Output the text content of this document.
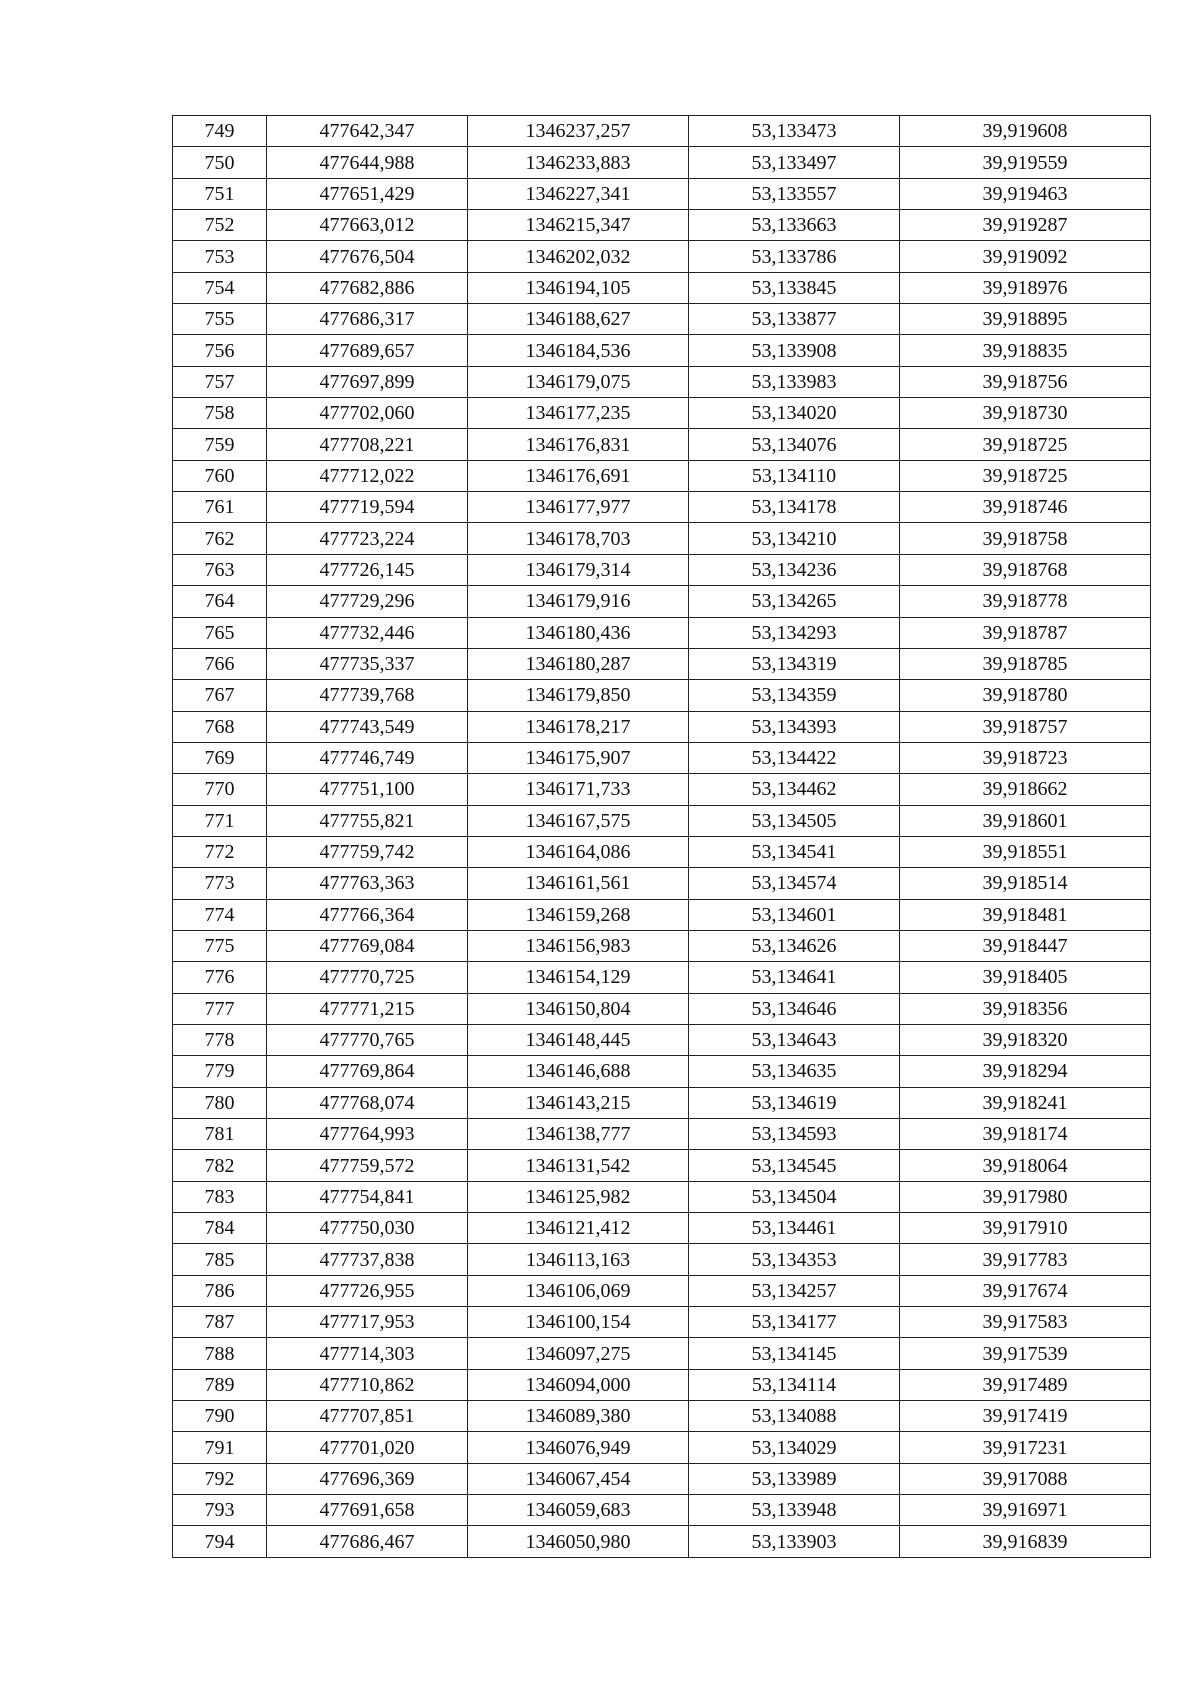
749	477642,347	1346237,257	53,133473	39,919608
750	477644,988	1346233,883	53,133497	39,919559
751	477651,429	1346227,341	53,133557	39,919463
752	477663,012	1346215,347	53,133663	39,919287
753	477676,504	1346202,032	53,133786	39,919092
754	477682,886	1346194,105	53,133845	39,918976
755	477686,317	1346188,627	53,133877	39,918895
756	477689,657	1346184,536	53,133908	39,918835
757	477697,899	1346179,075	53,133983	39,918756
758	477702,060	1346177,235	53,134020	39,918730
759	477708,221	1346176,831	53,134076	39,918725
760	477712,022	1346176,691	53,134110	39,918725
761	477719,594	1346177,977	53,134178	39,918746
762	477723,224	1346178,703	53,134210	39,918758
763	477726,145	1346179,314	53,134236	39,918768
764	477729,296	1346179,916	53,134265	39,918778
765	477732,446	1346180,436	53,134293	39,918787
766	477735,337	1346180,287	53,134319	39,918785
767	477739,768	1346179,850	53,134359	39,918780
768	477743,549	1346178,217	53,134393	39,918757
769	477746,749	1346175,907	53,134422	39,918723
770	477751,100	1346171,733	53,134462	39,918662
771	477755,821	1346167,575	53,134505	39,918601
772	477759,742	1346164,086	53,134541	39,918551
773	477763,363	1346161,561	53,134574	39,918514
774	477766,364	1346159,268	53,134601	39,918481
775	477769,084	1346156,983	53,134626	39,918447
776	477770,725	1346154,129	53,134641	39,918405
777	477771,215	1346150,804	53,134646	39,918356
778	477770,765	1346148,445	53,134643	39,918320
779	477769,864	1346146,688	53,134635	39,918294
780	477768,074	1346143,215	53,134619	39,918241
781	477764,993	1346138,777	53,134593	39,918174
782	477759,572	1346131,542	53,134545	39,918064
783	477754,841	1346125,982	53,134504	39,917980
784	477750,030	1346121,412	53,134461	39,917910
785	477737,838	1346113,163	53,134353	39,917783
786	477726,955	1346106,069	53,134257	39,917674
787	477717,953	1346100,154	53,134177	39,917583
788	477714,303	1346097,275	53,134145	39,917539
789	477710,862	1346094,000	53,134114	39,917489
790	477707,851	1346089,380	53,134088	39,917419
791	477701,020	1346076,949	53,134029	39,917231
792	477696,369	1346067,454	53,133989	39,917088
793	477691,658	1346059,683	53,133948	39,916971
794	477686,467	1346050,980	53,133903	39,916839
